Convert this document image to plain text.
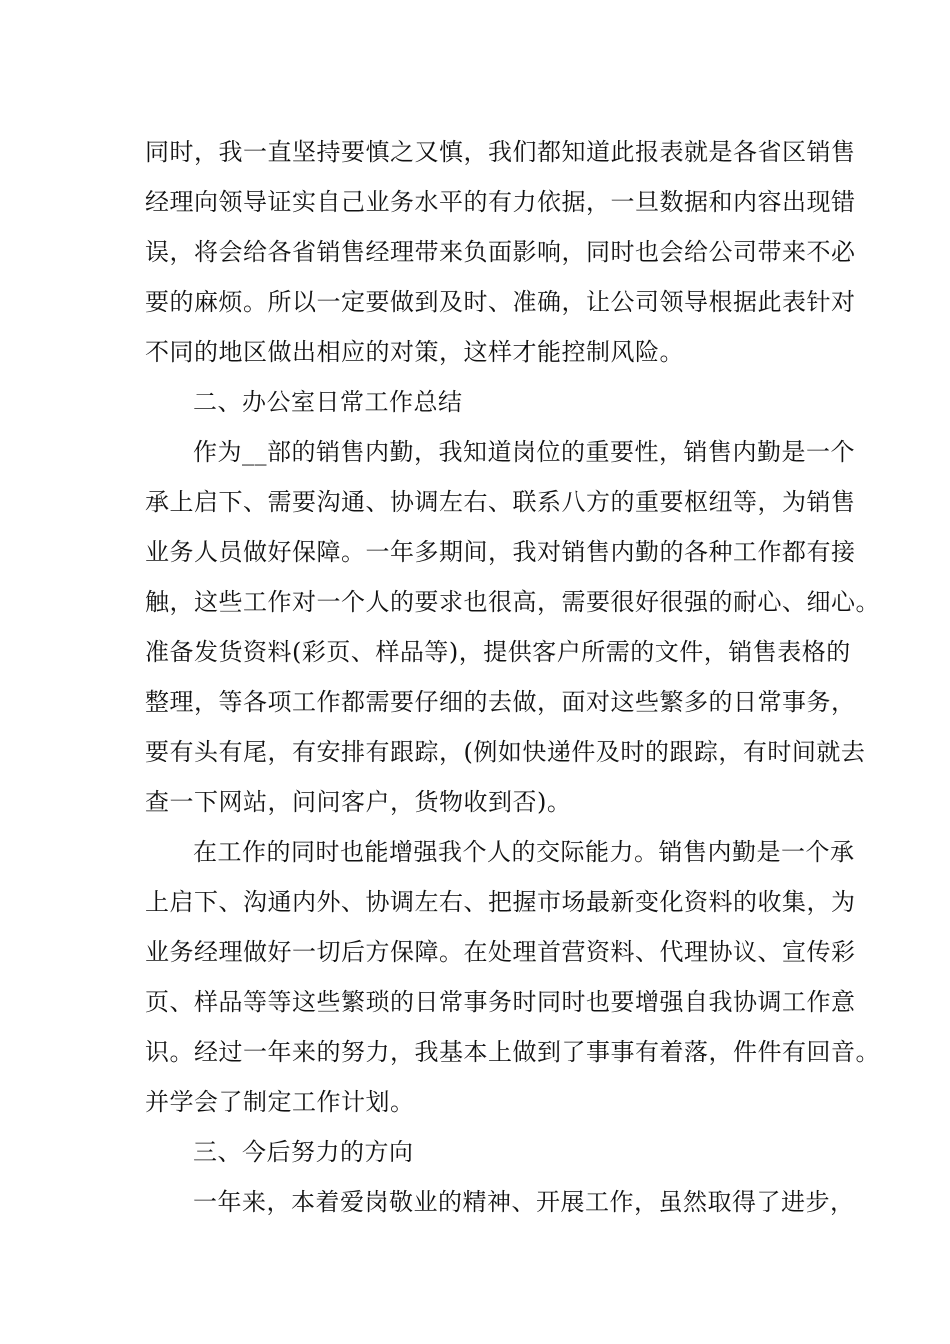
同时，我一直坚持要慎之又慎，我们都知道此报表就是各省区销售
经理向领导证实自己业务水平的有力依据，一旦数据和内容出现错
误，将会给各省销售经理带来负面影响，同时也会给公司带来不必
要的麻烦。所以一定要做到及时、准确，让公司领导根据此表针对
不同的地区做出相应的对策，这样才能控制风险。
二、办公室日常工作总结
作为__部的销售内勤，我知道岗位的重要性，销售内勤是一个
承上启下、需要沟通、协调左右、联系八方的重要枢纽等，为销售
业务人员做好保障。一年多期间，我对销售内勤的各种工作都有接
触，这些工作对一个人的要求也很高，需要很好很强的耐心、细心。
准备发货资料(彩页、样品等)，提供客户所需的文件，销售表格的
整理，等各项工作都需要仔细的去做，面对这些繁多的日常事务，
要有头有尾，有安排有跟踪，(例如快递件及时的跟踪，有时间就去
查一下网站，问问客户，货物收到否)。
在工作的同时也能增强我个人的交际能力。销售内勤是一个承
上启下、沟通内外、协调左右、把握市场最新变化资料的收集，为
业务经理做好一切后方保障。在处理首营资料、代理协议、宣传彩
页、样品等等这些繁琐的日常事务时同时也要增强自我协调工作意
识。经过一年来的努力，我基本上做到了事事有着落，件件有回音。
并学会了制定工作计划。
三、今后努力的方向
一年来，本着爱岗敬业的精神、开展工作，虽然取得了进步，
